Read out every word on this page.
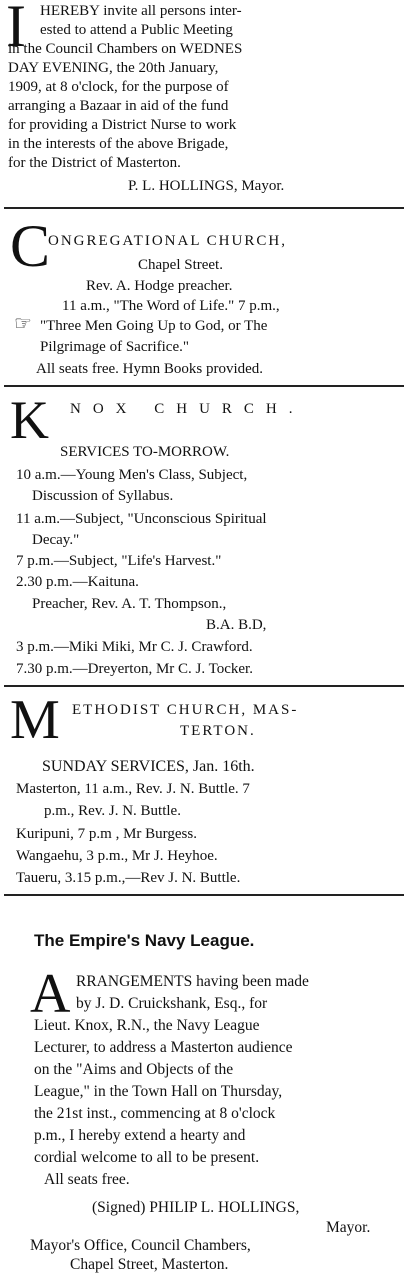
I HEREBY invite all persons inter-
ested to attend a Public Meeting
in the Council Chambers on WEDNES
DAY EVENING, the 20th January,
1909, at 8 o'clock, for the purpose of
arranging a Bazaar in aid of the fund
for providing a District Nurse to work
in the interests of the above Brigade,
for the District of Masterton.
P. L. HOLLINGS, Mayor.
C
ONGREGATIONAL CHURCH,
Chapel Street.
Rev. A. Hodge preacher.
11 a.m., "The Word of Life." 7 p.m.,
☞ "Three Men Going Up to God, or The
Pilgrimage of Sacrifice."
All seats free. Hymn Books provided.
K NOX CHURCH.
SERVICES TO-MORROW.
10 a.m.—Young Men's Class, Subject,
Discussion of Syllabus.
11 a.m.—Subject, "Unconscious Spiritual
Decay."
7 p.m.—Subject, "Life's Harvest."
2.30 p.m.—Kaituna.
Preacher, Rev. A. T. Thompson.,
B.A. B.D,
3 p.m.—Miki Miki, Mr C. J. Crawford.
7.30 p.m.—Dreyerton, Mr C. J. Tocker.
M ETHODIST CHURCH, MAS-
TERTON.
SUNDAY SERVICES, Jan. 16th.
Masterton, 11 a.m., Rev. J. N. Buttle. 7
p.m., Rev. J. N. Buttle.
Kuripuni, 7 p.m , Mr Burgess.
Wangaehu, 3 p.m., Mr J. Heyhoe.
Taueru, 3.15 p.m.,—Rev J. N. Buttle.
The Empire's Navy League.
A RRANGEMENTS having been made
by J. D. Cruickshank, Esq., for
Lieut. Knox, R.N., the Navy League
Lecturer, to address a Masterton audience
on the "Aims and Objects of the
League," in the Town Hall on Thursday,
the 21st inst., commencing at 8 o'clock
p.m., I hereby extend a hearty and
cordial welcome to all to be present.
All seats free.
(Signed) PHILIP L. HOLLINGS,
Mayor.
Mayor's Office, Council Chambers,
Chapel Street, Masterton.
